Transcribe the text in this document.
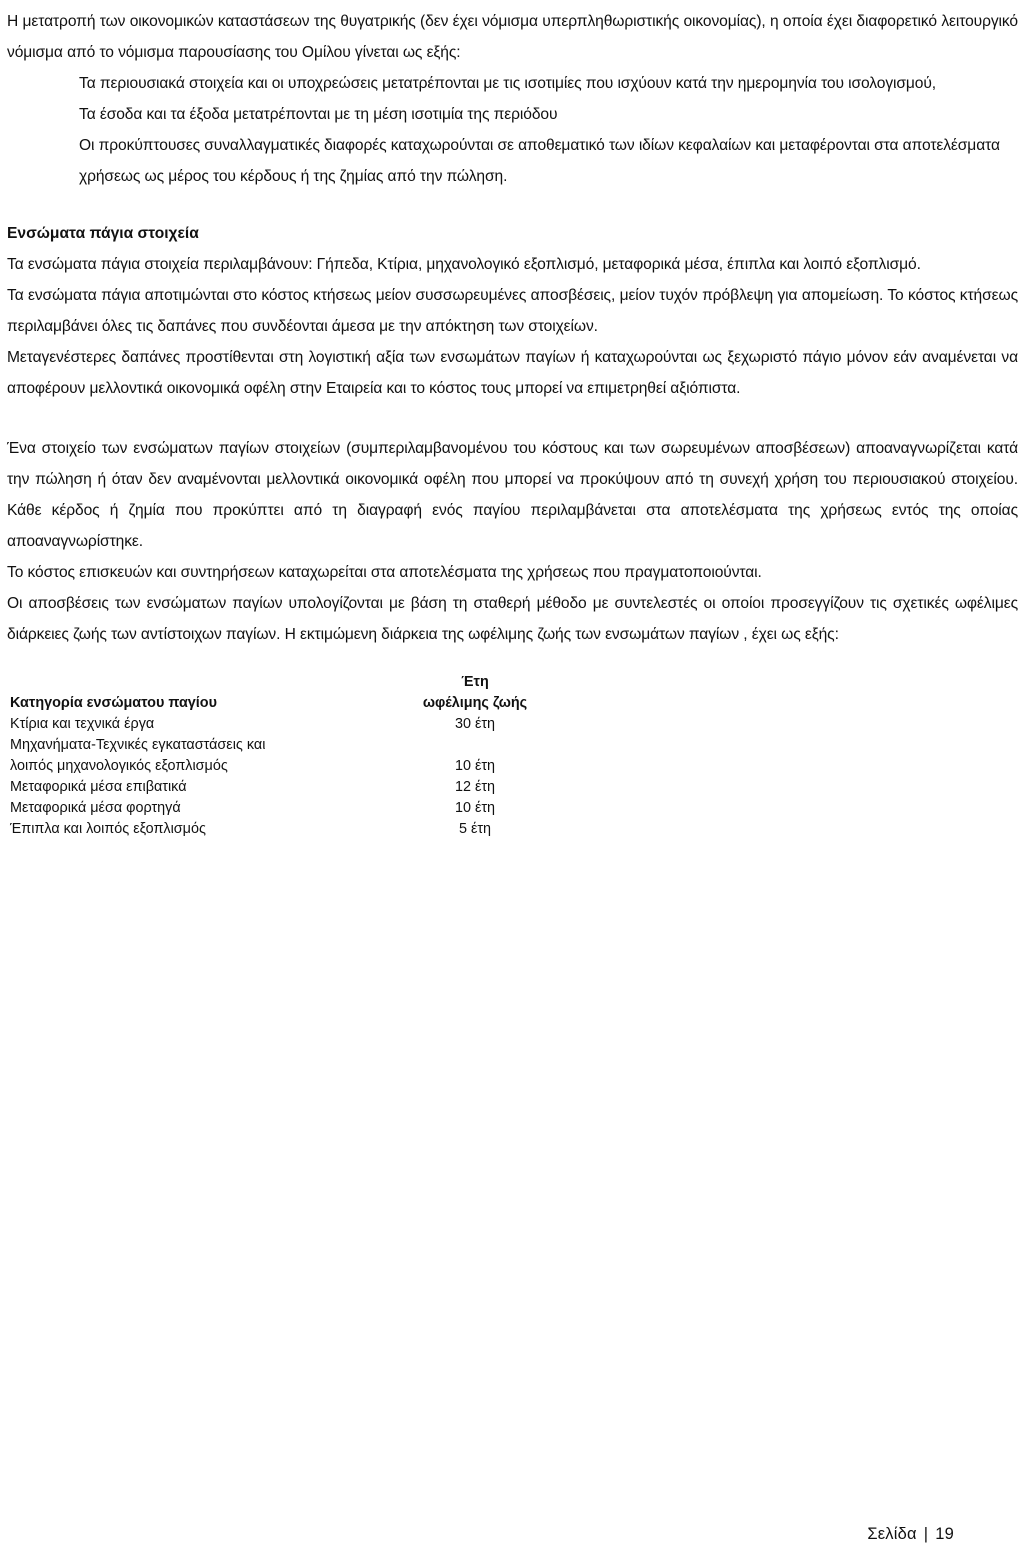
Η μετατροπή των οικονομικών καταστάσεων της θυγατρικής (δεν έχει νόμισμα υπερπληθωριστικής οικονομίας), η οποία έχει διαφορετικό λειτουργικό νόμισμα από το νόμισμα παρουσίασης του Ομίλου γίνεται ως εξής:

Τα περιουσιακά στοιχεία και οι υποχρεώσεις μετατρέπονται με τις ισοτιμίες που ισχύουν κατά την ημερομηνία του ισολογισμού,

Τα έσοδα και τα έξοδα μετατρέπονται με τη μέση ισοτιμία της περιόδου

Οι προκύπτουσες συναλλαγματικές διαφορές καταχωρούνται σε αποθεματικό των ιδίων κεφαλαίων και μεταφέρονται στα αποτελέσματα χρήσεως ως μέρος του κέρδους ή της ζημίας από την πώληση.

Ενσώματα πάγια στοιχεία

Τα ενσώματα πάγια στοιχεία περιλαμβάνουν: Γήπεδα, Κτίρια, μηχανολογικό εξοπλισμό, μεταφορικά μέσα, έπιπλα και λοιπό εξοπλισμό.

Τα ενσώματα πάγια αποτιμώνται στο κόστος κτήσεως μείον συσσωρευμένες αποσβέσεις, μείον τυχόν πρόβλεψη για απομείωση. Το κόστος κτήσεως περιλαμβάνει όλες τις δαπάνες που συνδέονται άμεσα με την απόκτηση των στοιχείων.

Μεταγενέστερες δαπάνες προστίθενται στη λογιστική αξία των ενσωμάτων παγίων ή καταχωρούνται ως ξεχωριστό πάγιο μόνον εάν αναμένεται να αποφέρουν μελλοντικά οικονομικά οφέλη στην Εταιρεία και το κόστος τους μπορεί να επιμετρηθεί αξιόπιστα.

Ένα στοιχείο των ενσώματων παγίων στοιχείων (συμπεριλαμβανομένου του κόστους και των σωρευμένων αποσβέσεων) αποαναγνωρίζεται κατά την πώληση ή όταν δεν αναμένονται μελλοντικά οικονομικά οφέλη που μπορεί να προκύψουν από τη συνεχή χρήση του περιουσιακού στοιχείου. Κάθε κέρδος ή ζημία που προκύπτει από τη διαγραφή ενός παγίου περιλαμβάνεται στα αποτελέσματα της χρήσεως εντός της οποίας αποαναγνωρίστηκε.

Το κόστος επισκευών και συντηρήσεων καταχωρείται στα αποτελέσματα της χρήσεως που πραγματοποιούνται.

Οι αποσβέσεις των ενσώματων παγίων υπολογίζονται με βάση τη σταθερή μέθοδο με συντελεστές οι οποίοι προσεγγίζουν τις σχετικές ωφέλιμες διάρκειες ζωής των αντίστοιχων παγίων. Η εκτιμώμενη διάρκεια της ωφέλιμης ζωής των ενσωμάτων παγίων , έχει ως εξής:

Κατηγορία ενσώματου παγίου	Έτη
ωφέλιμης ζωής
Κτίρια και τεχνικά έργα	30 έτη
Μηχανήματα-Τεχνικές εγκαταστάσεις και
λοιπός μηχανολογικός εξοπλισμός	10 έτη
Μεταφορικά μέσα επιβατικά	12 έτη
Μεταφορικά μέσα φορτηγά	10 έτη
Έπιπλα και λοιπός εξοπλισμός	5 έτη
Σελίδα | 19
